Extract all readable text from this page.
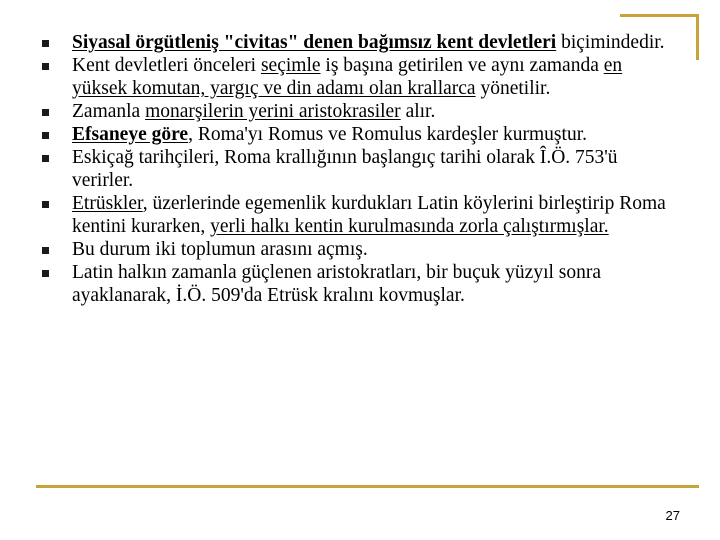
Siyasal örgütleniş "civitas" denen bağımsız kent devletleri biçimindedir.
Kent devletleri önceleri seçimle iş başına getirilen ve aynı zamanda en yüksek komutan, yargıç ve din adamı olan krallarca yönetilir.
Zamanla monarşilerin yerini aristokrasiler alır.
Efsaneye göre, Roma'yı Romus ve Romulus kardeşler kurmuştur.
Eskiçağ tarihçileri, Roma krallığının başlangıç tarihi olarak Î.Ö. 753'ü verirler.
Etrüskler, üzerlerinde egemenlik kurdukları Latin köylerini birleştirip Roma kentini kurarken, yerli halkı kentin kurulmasında zorla çalıştırmışlar.
Bu durum iki toplumun arasını açmış.
Latin halkın zamanla güçlenen aristokratları, bir buçuk yüzyıl sonra ayaklanarak, İ.Ö. 509'da Etrüsk kralını kovmuşlar.
27
